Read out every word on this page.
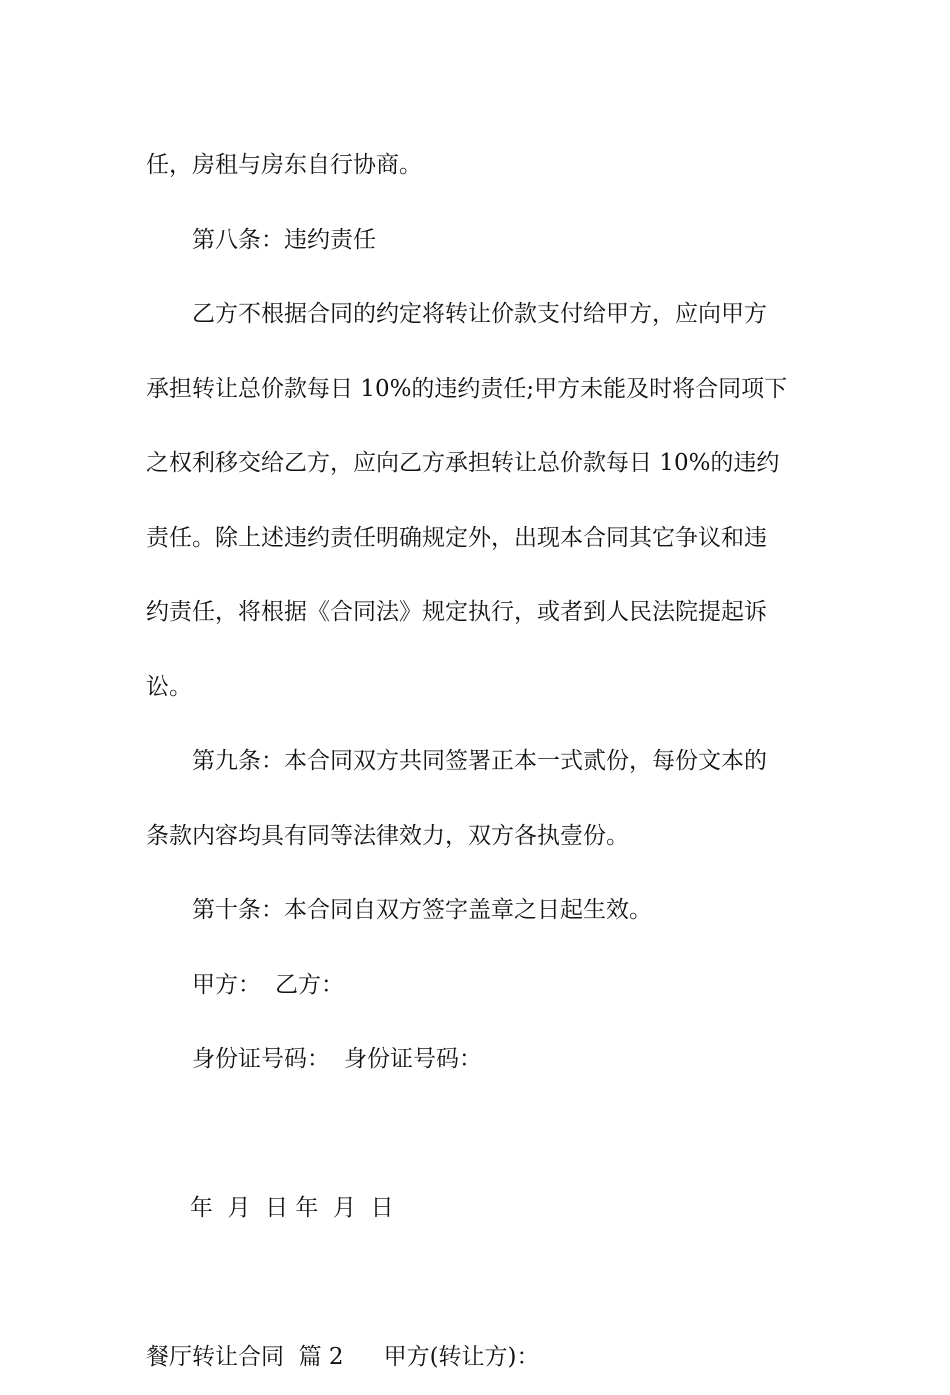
任，房租与房东自行协商。

第八条：违约责任

乙方不根据合同的约定将转让价款支付给甲方，应向甲方
承担转让总价款每日 10%的违约责任;甲方未能及时将合同项下
之权利移交给乙方，应向乙方承担转让总价款每日 10%的违约
责任。除上述违约责任明确规定外，出现本合同其它争议和违
约责任，将根据《合同法》规定执行，或者到人民法院提起诉
讼。

第九条：本合同双方共同签署正本一式贰份，每份文本的
条款内容均具有同等法律效力，双方各执壹份。

第十条：本合同自双方签字盖章之日起生效。

甲方： 乙方：

身份证号码： 身份证号码：

年  月  日 年  月  日

餐厅转让合同  篇 2 甲方(转让方)：
